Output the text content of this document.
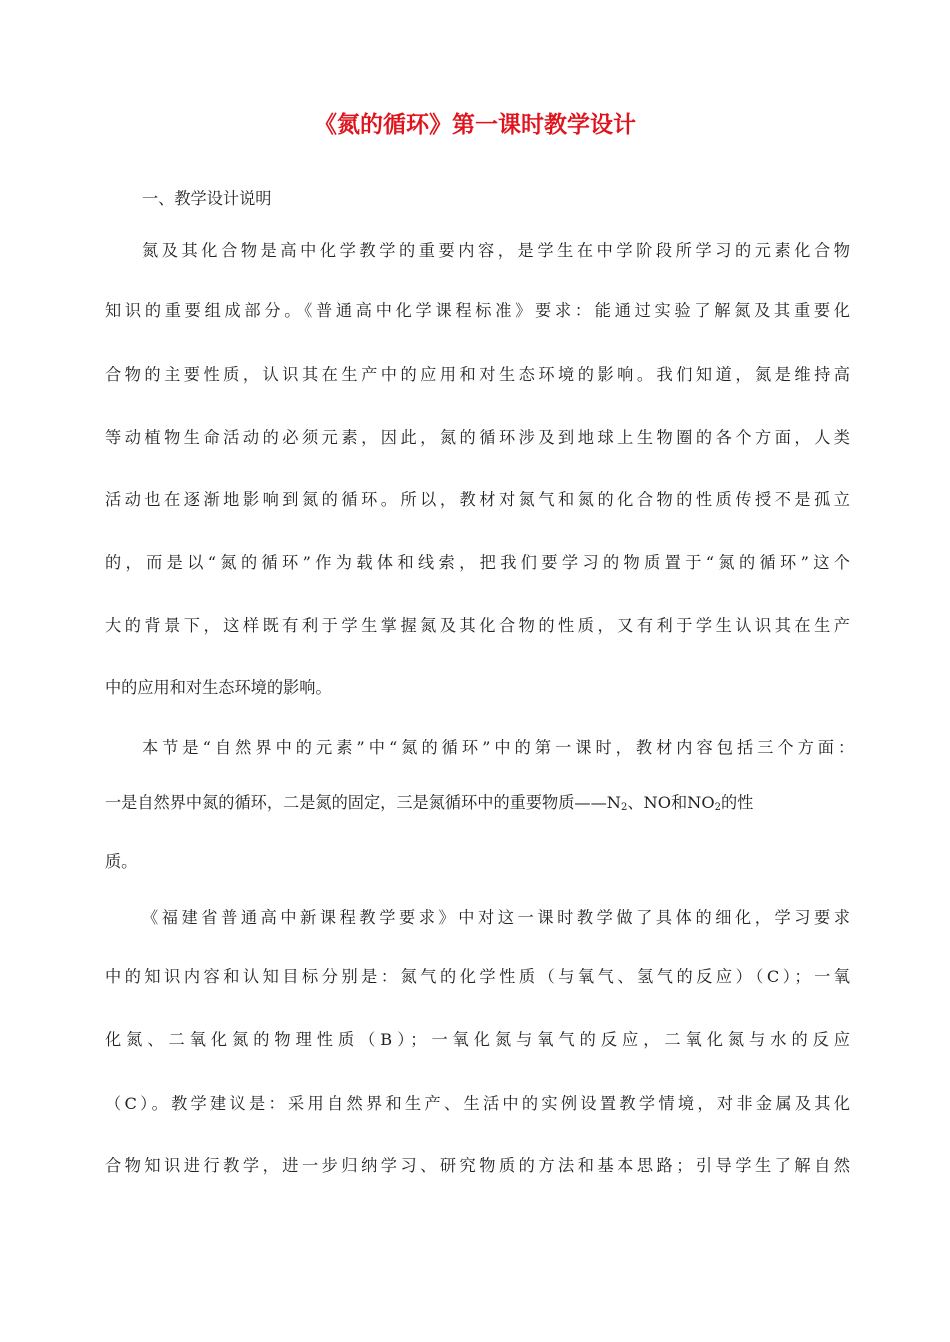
《氮的循环》第一课时教学设计

一、教学设计说明

氮及其化合物是高中化学教学的重要内容，是学生在中学阶段所学习的元素化合物

知识的重要组成部分。《普通高中化学课程标准》要求：能通过实验了解氮及其重要化

合物的主要性质，认识其在生产中的应用和对生态环境的影响。我们知道，氮是维持高

等动植物生命活动的必须元素，因此，氮的循环涉及到地球上生物圈的各个方面，人类

活动也在逐渐地影响到氮的循环。所以，教材对氮气和氮的化合物的性质传授不是孤立

的，而是以“氮的循环”作为载体和线索，把我们要学习的物质置于“氮的循环”这个

大的背景下，这样既有利于学生掌握氮及其化合物的性质，又有利于学生认识其在生产

中的应用和对生态环境的影响。

本节是“自然界中的元素”中“氮的循环”中的第一课时，教材内容包括三个方面：

一是自然界中氮的循环，二是氮的固定，三是氮循环中的重要物质$——N_2$、NO和$NO_2$的性

质。

《福建省普通高中新课程教学要求》中对这一课时教学做了具体的细化，学习要求

中的知识内容和认知目标分别是：氮气的化学性质（与氧气、氢气的反应）（C）；一氧

化氮、二氧化氮的物理性质（B）；一氧化氮与氧气的反应，二氧化氮与水的反应

（C）。教学建议是：采用自然界和生产、生活中的实例设置教学情境，对非金属及其化

合物知识进行教学，进一步归纳学习、研究物质的方法和基本思路；引导学生了解自然
